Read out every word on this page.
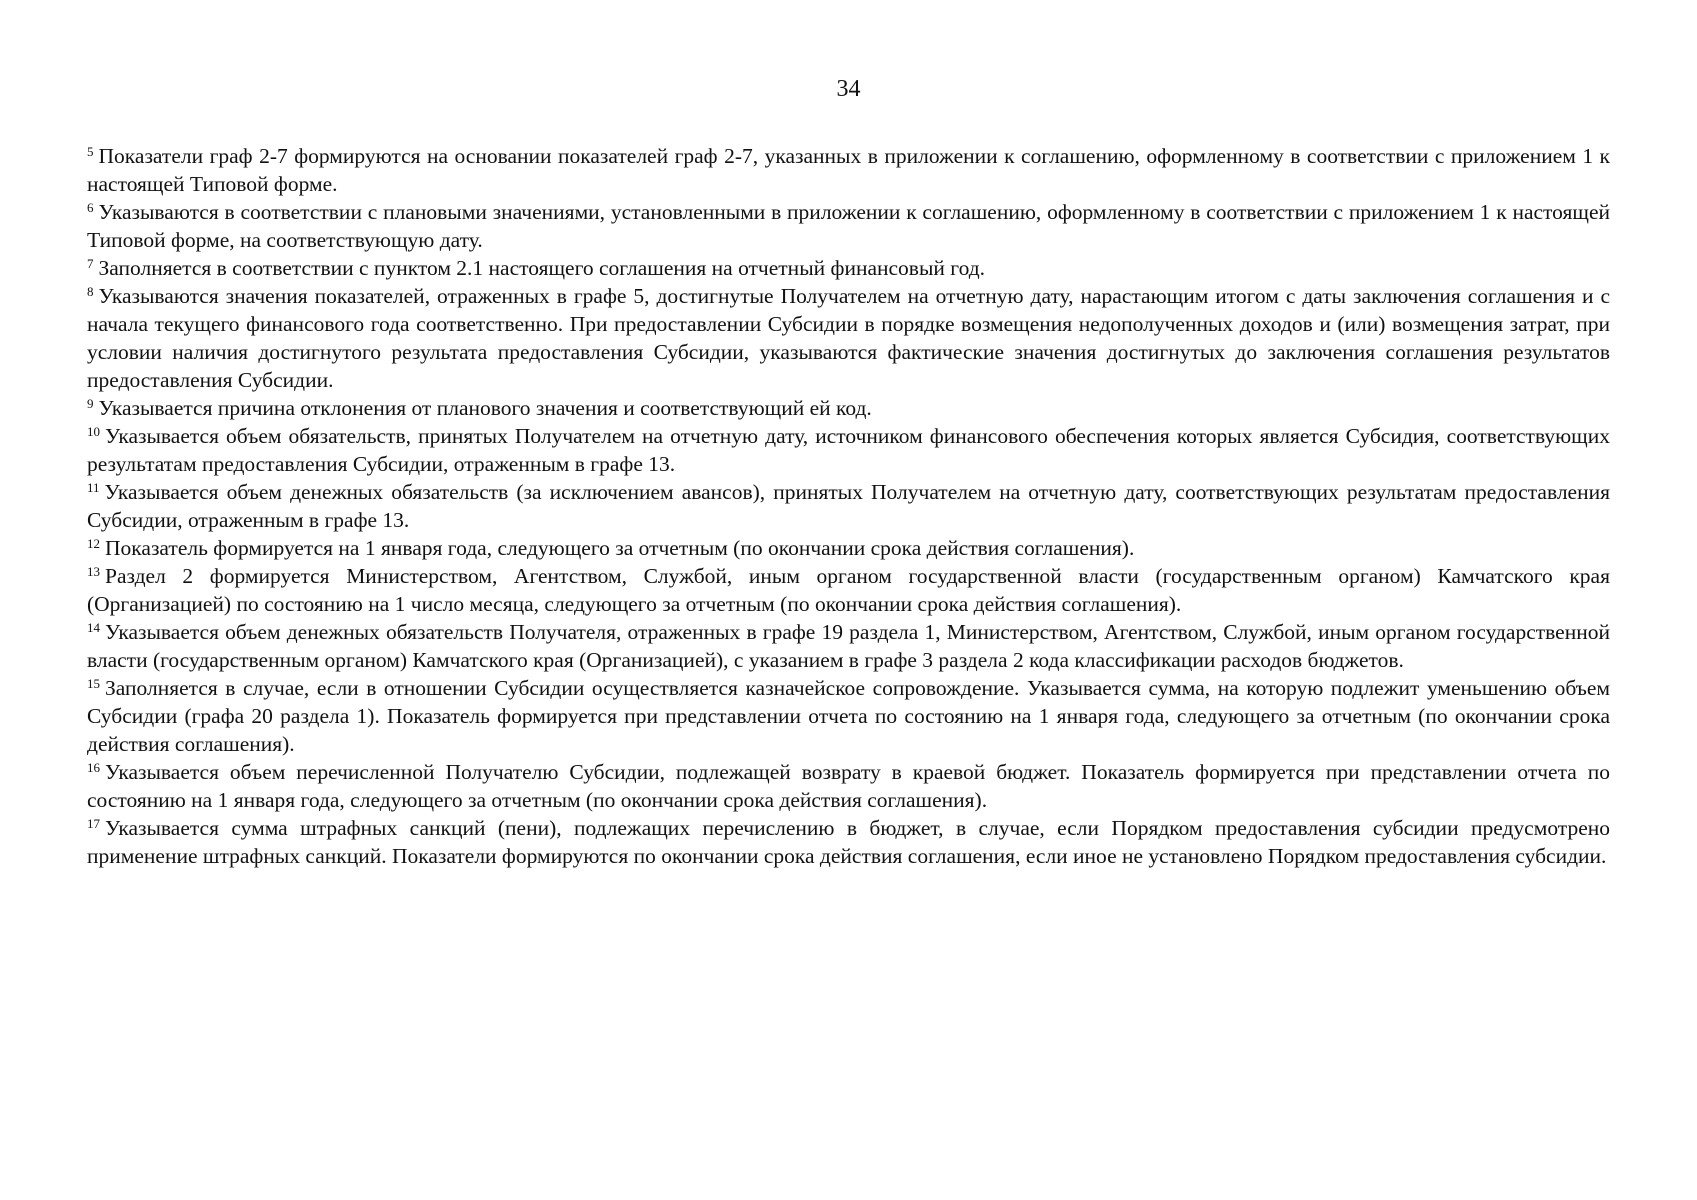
34

$^5$ Показатели граф 2-7 формируются на основании показателей граф 2-7, указанных в приложении к соглашению, оформленному в соответствии с приложением 1 к настоящей Типовой форме.

$^6$ Указываются в соответствии с плановыми значениями, установленными в приложении к соглашению, оформленному в соответствии с приложением 1 к настоящей Типовой форме, на соответствующую дату.

$^7$ Заполняется в соответствии с пунктом 2.1 настоящего соглашения на отчетный финансовый год.

$^8$ Указываются значения показателей, отраженных в графе 5, достигнутые Получателем на отчетную дату, нарастающим итогом с даты заключения соглашения и с начала текущего финансового года соответственно. При предоставлении Субсидии в порядке возмещения недополученных доходов и (или) возмещения затрат, при условии наличия достигнутого результата предоставления Субсидии, указываются фактические значения достигнутых до заключения соглашения результатов предоставления Субсидии.

$^9$ Указывается причина отклонения от планового значения и соответствующий ей код.

$^{10}$ Указывается объем обязательств, принятых Получателем на отчетную дату, источником финансового обеспечения которых является Субсидия, соответствующих результатам предоставления Субсидии, отраженным в графе 13.

$^{11}$ Указывается объем денежных обязательств (за исключением авансов), принятых Получателем на отчетную дату, соответствующих результатам предоставления Субсидии, отраженным в графе 13.

$^{12}$ Показатель формируется на 1 января года, следующего за отчетным (по окончании срока действия соглашения).

$^{13}$ Раздел 2 формируется Министерством, Агентством, Службой, иным органом государственной власти (государственным органом) Камчатского края (Организацией) по состоянию на 1 число месяца, следующего за отчетным (по окончании срока действия соглашения).

$^{14}$ Указывается объем денежных обязательств Получателя, отраженных в графе 19 раздела 1, Министерством, Агентством, Службой, иным органом государственной власти (государственным органом) Камчатского края (Организацией), с указанием в графе 3 раздела 2 кода классификации расходов бюджетов.

$^{15}$ Заполняется в случае, если в отношении Субсидии осуществляется казначейское сопровождение. Указывается сумма, на которую подлежит уменьшению объем Субсидии (графа 20 раздела 1). Показатель формируется при представлении отчета по состоянию на 1 января года, следующего за отчетным (по окончании срока действия соглашения).

$^{16}$ Указывается объем перечисленной Получателю Субсидии, подлежащей возврату в краевой бюджет. Показатель формируется при представлении отчета по состоянию на 1 января года, следующего за отчетным (по окончании срока действия соглашения).

$^{17}$ Указывается сумма штрафных санкций (пени), подлежащих перечислению в бюджет, в случае, если Порядком предоставления субсидии предусмотрено применение штрафных санкций. Показатели формируются по окончании срока действия соглашения, если иное не установлено Порядком предоставления субсидии.
